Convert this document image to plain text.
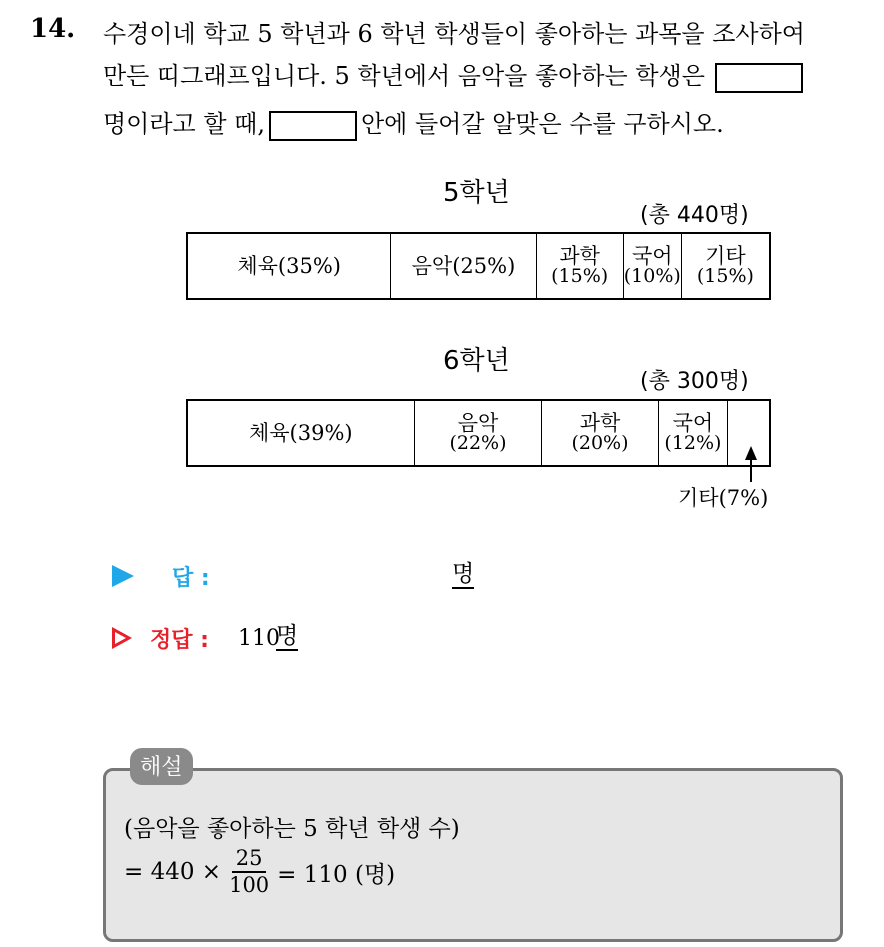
14. 수경이네 학교 5 학년과 6 학년 학생들이 좋아하는 과목을 조사하여
만든 띠그래프입니다. 5 학년에서 음악을 좋아하는 학생은
명이라고 할 때,	안에 들어갈 알맞은 수를 구하시오.
5학년
(총 440명)
체육(35%)	음악(25%) 과학
(15%)
국어
(10%)
기타
(15%)
6학년
(총 300명)
체육(39%)	음악
(22%)
과학
(20%)
국어
(12%)
기타(7%)
답 :	명
정답 : 110
명
해설
(음악을 좋아하는 5 학년 학생 수)
= $440 \times \frac{25}{100} = 110$ (명)
